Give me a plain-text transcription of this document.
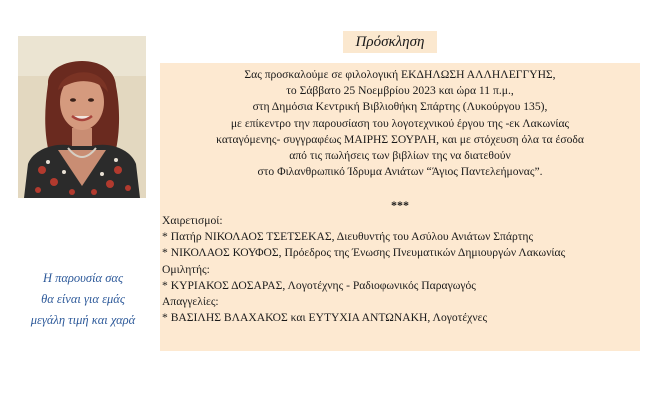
Η παρουσία σας
θα είναι για εμάς
μεγάλη τιμή και χαρά
Πρόσκληση
Σας προσκαλούμε σε φιλολογική ΕΚΔΗΛΩΣΗ ΑΛΛΗΛΕΓΓΥΗΣ,
το Σάββατο 25 Νοεμβρίου 2023 και ώρα 11 π.μ.,
στη Δημόσια Κεντρική Βιβλιοθήκη Σπάρτης (Λυκούργου 135),
με επίκεντρο την παρουσίαση του λογοτεχνικού έργου της -εκ Λακωνίας
καταγόμενης- συγγραφέως ΜΑΙΡΗΣ ΣΟΥΡΛΗ, και με στόχευση όλα τα έσοδα
από τις πωλήσεις των βιβλίων της να διατεθούν
στο Φιλανθρωπικό Ίδρυμα Ανιάτων “Άγιος Παντελεήμονας”.
***
Χαιρετισμοί:
* Πατήρ ΝΙΚΟΛΑΟΣ ΤΣΕΤΣΕΚΑΣ, Διευθυντής του Ασύλου Ανιάτων Σπάρτης
* ΝΙΚΟΛΑΟΣ ΚΟΥΦΟΣ, Πρόεδρος της Ένωσης Πνευματικών Δημιουργών Λακωνίας
Ομιλητής:
* ΚΥΡΙΑΚΟΣ ΔΟΣΑΡΑΣ, Λογοτέχνης - Ραδιοφωνικός Παραγωγός
Απαγγελίες:
* ΒΑΣΙΛΗΣ ΒΛΑΧΑΚΟΣ και ΕΥΤΥΧΙΑ ΑΝΤΩΝΑΚΗ, Λογοτέχνες
